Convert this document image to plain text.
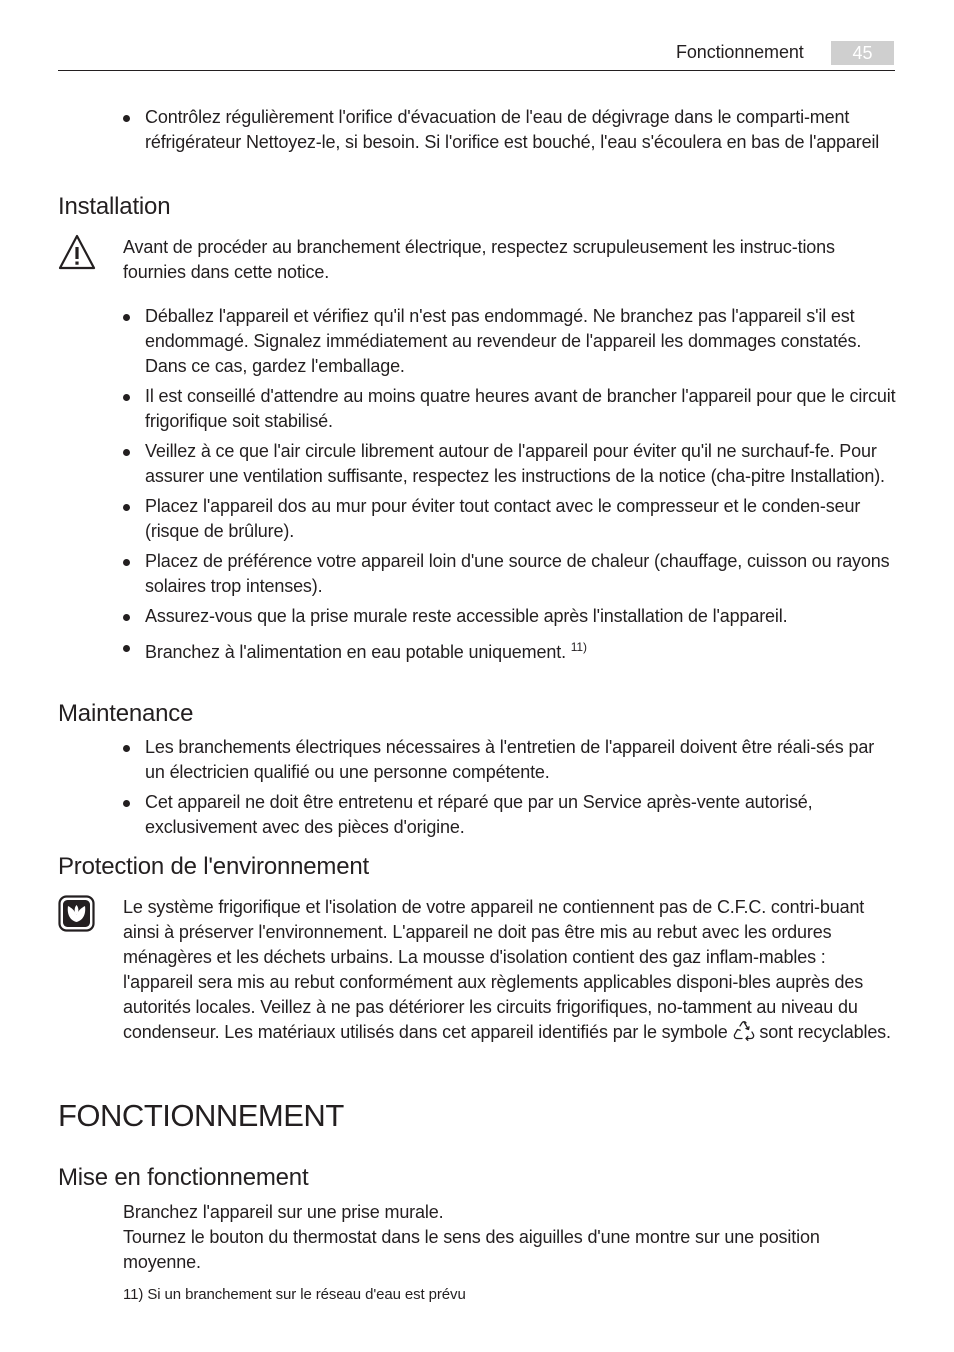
Fonctionnement	45
Contrôlez régulièrement l'orifice d'évacuation de l'eau de dégivrage dans le comparti-ment réfrigérateur Nettoyez-le, si besoin. Si l'orifice est bouché, l'eau s'écoulera en bas de l'appareil
Installation

Avant de procéder au branchement électrique, respectez scrupuleusement les instruc-tions fournies dans cette notice.

Déballez l'appareil et vérifiez qu'il n'est pas endommagé. Ne branchez pas l'appareil s'il est endommagé. Signalez immédiatement au revendeur de l'appareil les dommages constatés. Dans ce cas, gardez l'emballage.
Il est conseillé d'attendre au moins quatre heures avant de brancher l'appareil pour que le circuit frigorifique soit stabilisé.
Veillez à ce que l'air circule librement autour de l'appareil pour éviter qu'il ne surchauf-fe. Pour assurer une ventilation suffisante, respectez les instructions de la notice (cha-pitre Installation).
Placez l'appareil dos au mur pour éviter tout contact avec le compresseur et le conden-seur (risque de brûlure).
Placez de préférence votre appareil loin d'une source de chaleur (chauffage, cuisson ou rayons solaires trop intenses).
Assurez-vous que la prise murale reste accessible après l'installation de l'appareil.
Branchez à l'alimentation en eau potable uniquement. $^{11)}$
Maintenance
Les branchements électriques nécessaires à l'entretien de l'appareil doivent être réali-sés par un électricien qualifié ou une personne compétente.
Cet appareil ne doit être entretenu et réparé que par un Service après-vente autorisé, exclusivement avec des pièces d'origine.
Protection de l'environnement

Le système frigorifique et l'isolation de votre appareil ne contiennent pas de C.F.C. contri-buant ainsi à préserver l'environnement. L'appareil ne doit pas être mis au rebut avec les ordures ménagères et les déchets urbains. La mousse d'isolation contient des gaz inflam-mables : l'appareil sera mis au rebut conformément aux règlements applicables disponi-bles auprès des autorités locales. Veillez à ne pas détériorer les circuits frigorifiques, no-tamment au niveau du condenseur. Les matériaux utilisés dans cet appareil identifiés par le symbole sont recyclables.

FONCTIONNEMENT
Mise en fonctionnement

Branchez l'appareil sur une prise murale.
Tournez le bouton du thermostat dans le sens des aiguilles d'une montre sur une position moyenne.

11) Si un branchement sur le réseau d'eau est prévu
